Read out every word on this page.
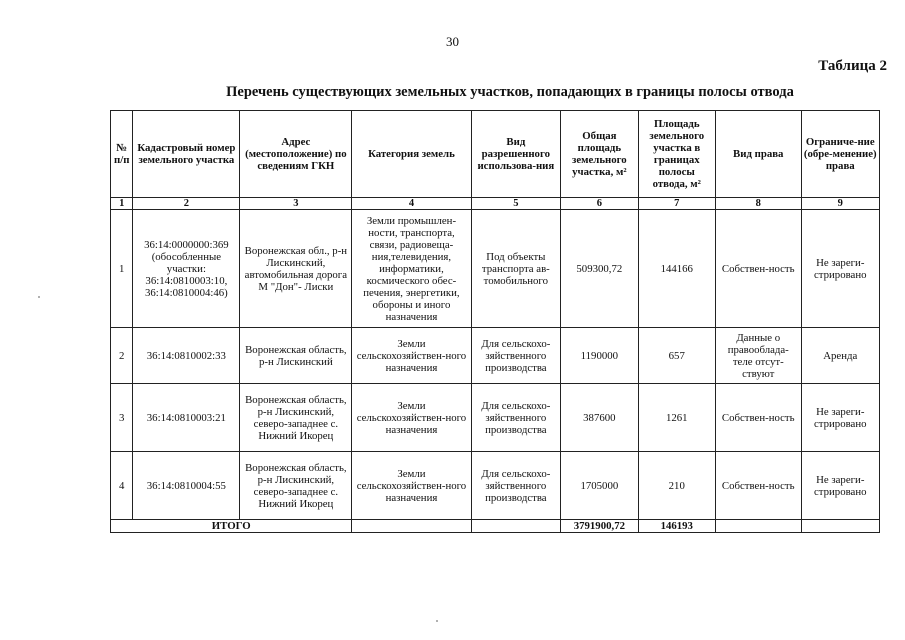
30
Таблица 2
Перечень существующих земельных участков, попадающих в границы полосы отвода
№ п/п	Кадастровый номер земельного участка	Адрес (местоположение) по сведениям ГКН	Категория земель	Вид разрешенного использова-ния	Общая площадь земельного участка, м²	Площадь земельного участка в границах полосы отвода, м²	Вид права	Ограниче-ние (обре-менение) права
1	2	3	4	5	6	7	8	9
1	36:14:0000000:369 (обособленные участки: 36:14:0810003:10, 36:14:0810004:46)	Воронежская обл., р-н Лискинский, автомобильная дорога М "Дон"- Лиски	Земли промышлен-ности, транспорта, связи, радиовеща-ния,телевидения, информатики, космического обес-печения, энергетики, обороны и иного назначения	Под объекты транспорта ав-томобильного	509300,72	144166	Собствен-ность	Не зареги-стрировано
2	36:14:0810002:33	Воронежская область, р-н Лискинский	Земли сельскохозяйствен-ного назначения	Для сельскохо-зяйственного производства	1190000	657	Данные о правообладa-теле отсут-ствуют	Аренда
3	36:14:0810003:21	Воронежская область, р-н Лискинский, северо-западнее с. Нижний Икорец	Земли сельскохозяйствен-ного назначения	Для сельскохо-зяйственного производства	387600	1261	Собствен-ность	Не зареги-стрировано
4	36:14:0810004:55	Воронежская область, р-н Лискинский, северо-западнее с. Нижний Икорец	Земли сельскохозяйствен-ного назначения	Для сельскохо-зяйственного производства	1705000	210	Собствен-ность	Не зареги-стрировано
ИТОГО					3791900,72	146193		
